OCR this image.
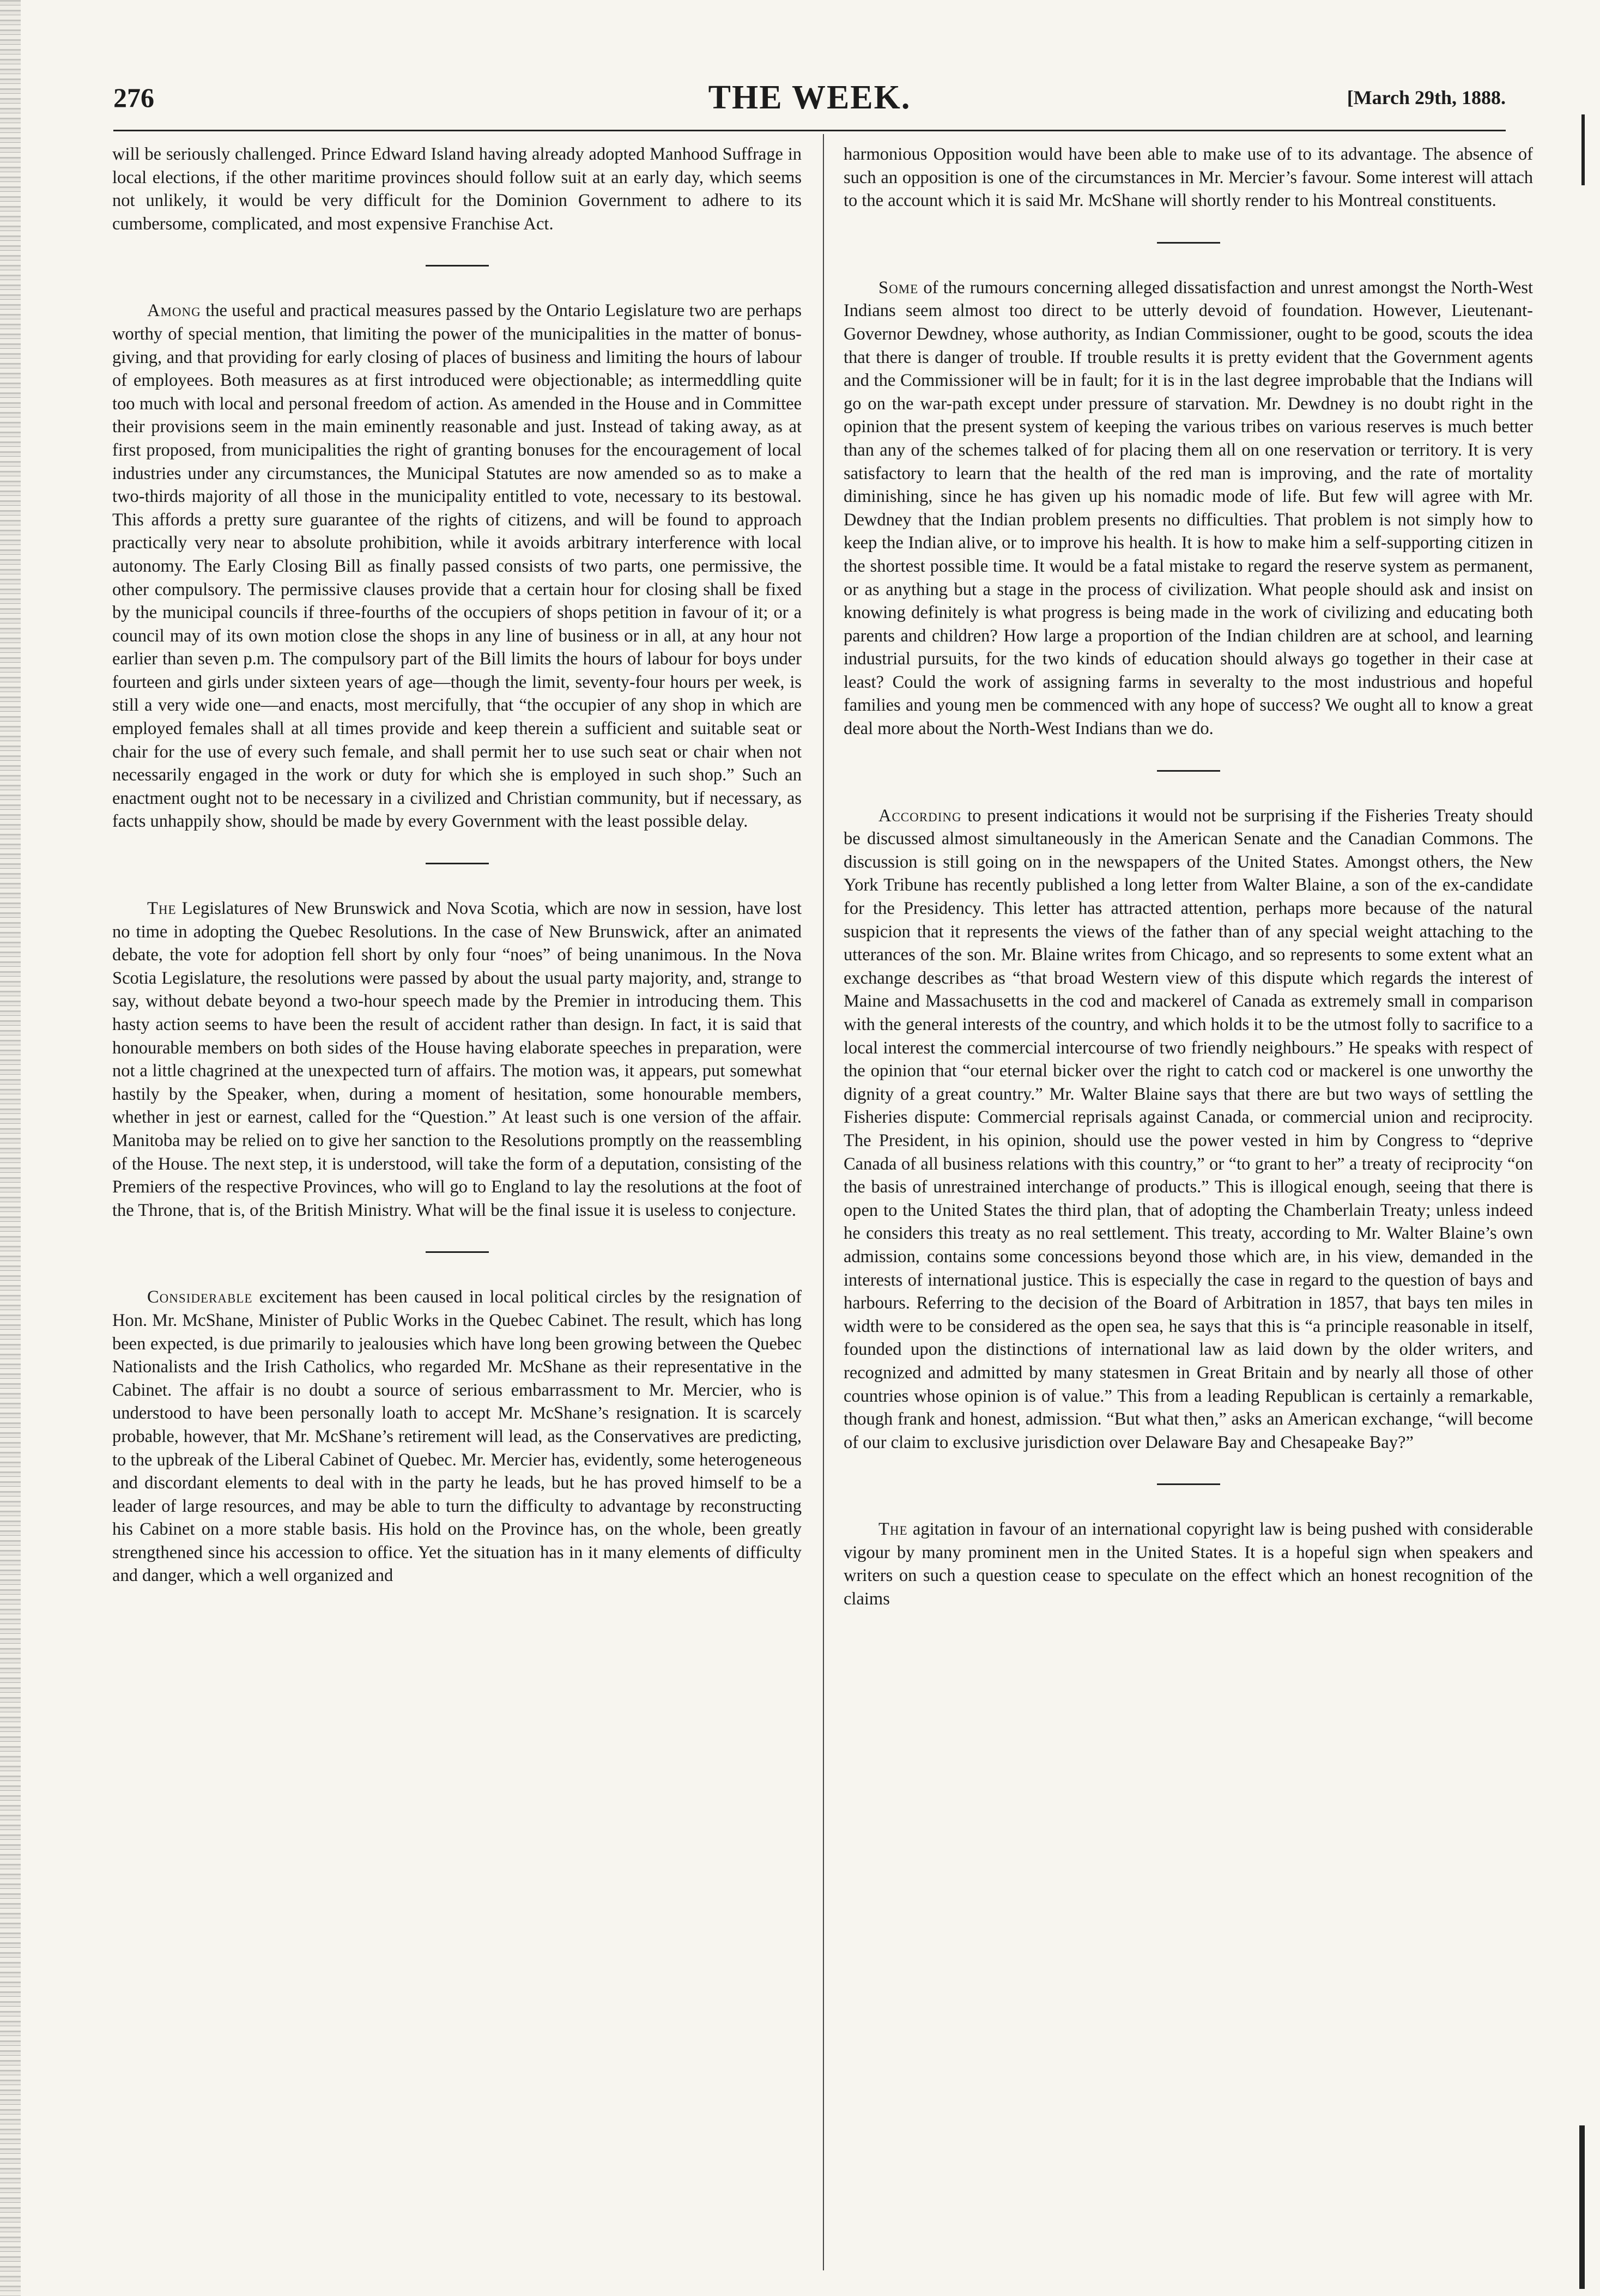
276	THE WEEK.	[March 29th, 1888.

will be seriously challenged. Prince Edward Island having already adopted Manhood Suffrage in local elections, if the other maritime provinces should follow suit at an early day, which seems not unlikely, it would be very difficult for the Dominion Government to adhere to its cumbersome, complicated, and most expensive Franchise Act.

Among the useful and practical measures passed by the Ontario Legislature two are perhaps worthy of special mention, that limiting the power of the municipalities in the matter of bonus-giving, and that providing for early closing of places of business and limiting the hours of labour of employees. Both measures as at first introduced were objectionable; as intermeddling quite too much with local and personal freedom of action. As amended in the House and in Committee their provisions seem in the main eminently reasonable and just. Instead of taking away, as at first proposed, from municipalities the right of granting bonuses for the encouragement of local industries under any circumstances, the Municipal Statutes are now amended so as to make a two-thirds majority of all those in the municipality entitled to vote, necessary to its bestowal. This affords a pretty sure guarantee of the rights of citizens, and will be found to approach practically very near to absolute prohibition, while it avoids arbitrary interference with local autonomy. The Early Closing Bill as finally passed consists of two parts, one permissive, the other compulsory. The permissive clauses provide that a certain hour for closing shall be fixed by the municipal councils if three-fourths of the occupiers of shops petition in favour of it; or a council may of its own motion close the shops in any line of business or in all, at any hour not earlier than seven p.m. The compulsory part of the Bill limits the hours of labour for boys under fourteen and girls under sixteen years of age—though the limit, seventy-four hours per week, is still a very wide one—and enacts, most mercifully, that “the occupier of any shop in which are employed females shall at all times provide and keep therein a sufficient and suitable seat or chair for the use of every such female, and shall permit her to use such seat or chair when not necessarily engaged in the work or duty for which she is employed in such shop.” Such an enactment ought not to be necessary in a civilized and Christian community, but if necessary, as facts unhappily show, should be made by every Government with the least possible delay.

The Legislatures of New Brunswick and Nova Scotia, which are now in session, have lost no time in adopting the Quebec Resolutions. In the case of New Brunswick, after an animated debate, the vote for adoption fell short by only four “noes” of being unanimous. In the Nova Scotia Legislature, the resolutions were passed by about the usual party majority, and, strange to say, without debate beyond a two-hour speech made by the Premier in introducing them. This hasty action seems to have been the result of accident rather than design. In fact, it is said that honourable members on both sides of the House having elaborate speeches in preparation, were not a little chagrined at the unexpected turn of affairs. The motion was, it appears, put somewhat hastily by the Speaker, when, during a moment of hesitation, some honourable members, whether in jest or earnest, called for the “Question.” At least such is one version of the affair. Manitoba may be relied on to give her sanction to the Resolutions promptly on the reassembling of the House. The next step, it is understood, will take the form of a deputation, consisting of the Premiers of the respective Provinces, who will go to England to lay the resolutions at the foot of the Throne, that is, of the British Ministry. What will be the final issue it is useless to conjecture.

Considerable excitement has been caused in local political circles by the resignation of Hon. Mr. McShane, Minister of Public Works in the Quebec Cabinet. The result, which has long been expected, is due primarily to jealousies which have long been growing between the Quebec Nationalists and the Irish Catholics, who regarded Mr. McShane as their representative in the Cabinet. The affair is no doubt a source of serious embarrassment to Mr. Mercier, who is understood to have been personally loath to accept Mr. McShane’s resignation. It is scarcely probable, however, that Mr. McShane’s retirement will lead, as the Conservatives are predicting, to the upbreak of the Liberal Cabinet of Quebec. Mr. Mercier has, evidently, some heterogeneous and discordant elements to deal with in the party he leads, but he has proved himself to be a leader of large resources, and may be able to turn the difficulty to advantage by reconstructing his Cabinet on a more stable basis. His hold on the Province has, on the whole, been greatly strengthened since his accession to office. Yet the situation has in it many elements of difficulty and danger, which a well organized and

harmonious Opposition would have been able to make use of to its advantage. The absence of such an opposition is one of the circumstances in Mr. Mercier’s favour. Some interest will attach to the account which it is said Mr. McShane will shortly render to his Montreal constituents.

Some of the rumours concerning alleged dissatisfaction and unrest amongst the North-West Indians seem almost too direct to be utterly devoid of foundation. However, Lieutenant-Governor Dewdney, whose authority, as Indian Commissioner, ought to be good, scouts the idea that there is danger of trouble. If trouble results it is pretty evident that the Government agents and the Commissioner will be in fault; for it is in the last degree improbable that the Indians will go on the war-path except under pressure of starvation. Mr. Dewdney is no doubt right in the opinion that the present system of keeping the various tribes on various reserves is much better than any of the schemes talked of for placing them all on one reservation or territory. It is very satisfactory to learn that the health of the red man is improving, and the rate of mortality diminishing, since he has given up his nomadic mode of life. But few will agree with Mr. Dewdney that the Indian problem presents no difficulties. That problem is not simply how to keep the Indian alive, or to improve his health. It is how to make him a self-supporting citizen in the shortest possible time. It would be a fatal mistake to regard the reserve system as permanent, or as anything but a stage in the process of civilization. What people should ask and insist on knowing definitely is what progress is being made in the work of civilizing and educating both parents and children? How large a proportion of the Indian children are at school, and learning industrial pursuits, for the two kinds of education should always go together in their case at least? Could the work of assigning farms in severalty to the most industrious and hopeful families and young men be commenced with any hope of success? We ought all to know a great deal more about the North-West Indians than we do.

According to present indications it would not be surprising if the Fisheries Treaty should be discussed almost simultaneously in the American Senate and the Canadian Commons. The discussion is still going on in the newspapers of the United States. Amongst others, the New York Tribune has recently published a long letter from Walter Blaine, a son of the ex-candidate for the Presidency. This letter has attracted attention, perhaps more because of the natural suspicion that it represents the views of the father than of any special weight attaching to the utterances of the son. Mr. Blaine writes from Chicago, and so represents to some extent what an exchange describes as “that broad Western view of this dispute which regards the interest of Maine and Massachusetts in the cod and mackerel of Canada as extremely small in comparison with the general interests of the country, and which holds it to be the utmost folly to sacrifice to a local interest the commercial intercourse of two friendly neighbours.” He speaks with respect of the opinion that “our eternal bicker over the right to catch cod or mackerel is one unworthy the dignity of a great country.” Mr. Walter Blaine says that there are but two ways of settling the Fisheries dispute: Commercial reprisals against Canada, or commercial union and reciprocity. The President, in his opinion, should use the power vested in him by Congress to “deprive Canada of all business relations with this country,” or “to grant to her” a treaty of reciprocity “on the basis of unrestrained interchange of products.” This is illogical enough, seeing that there is open to the United States the third plan, that of adopting the Chamberlain Treaty; unless indeed he considers this treaty as no real settlement. This treaty, according to Mr. Walter Blaine’s own admission, contains some concessions beyond those which are, in his view, demanded in the interests of international justice. This is especially the case in regard to the question of bays and harbours. Referring to the decision of the Board of Arbitration in 1857, that bays ten miles in width were to be considered as the open sea, he says that this is “a principle reasonable in itself, founded upon the distinctions of international law as laid down by the older writers, and recognized and admitted by many statesmen in Great Britain and by nearly all those of other countries whose opinion is of value.” This from a leading Republican is certainly a remarkable, though frank and honest, admission. “But what then,” asks an American exchange, “will become of our claim to exclusive jurisdiction over Delaware Bay and Chesapeake Bay?”

The agitation in favour of an international copyright law is being pushed with considerable vigour by many prominent men in the United States. It is a hopeful sign when speakers and writers on such a question cease to speculate on the effect which an honest recognition of the claims
